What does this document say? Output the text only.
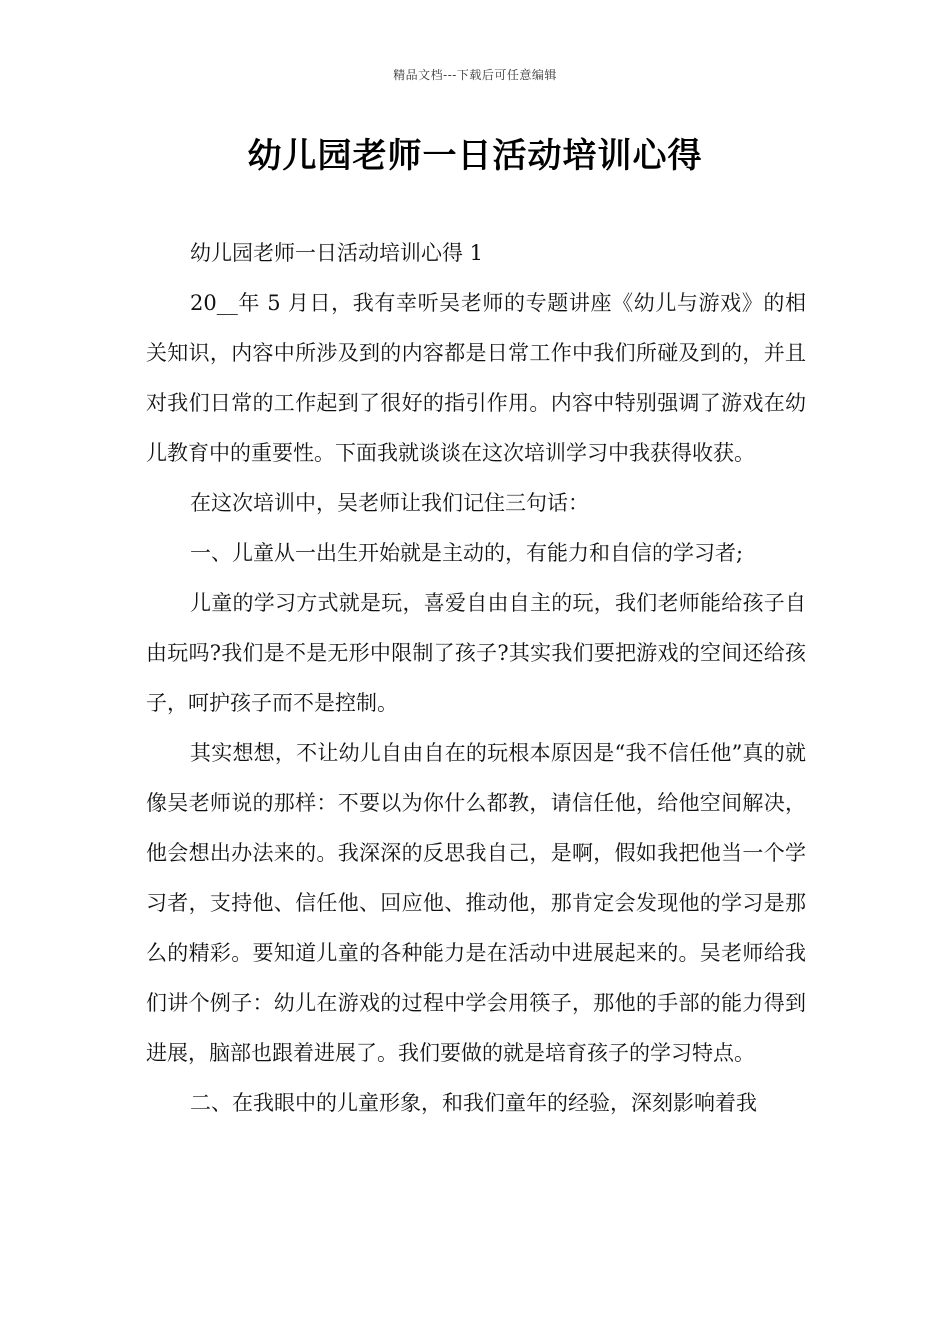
精品文档---下载后可任意编辑
幼儿园老师一日活动培训心得

幼儿园老师一日活动培训心得 1

20__年 5 月日，我有幸听吴老师的专题讲座《幼儿与游戏》的相关知识，内容中所涉及到的内容都是日常工作中我们所碰及到的，并且对我们日常的工作起到了很好的指引作用。内容中特别强调了游戏在幼儿教育中的重要性。下面我就谈谈在这次培训学习中我获得收获。

在这次培训中，吴老师让我们记住三句话：

一、儿童从一出生开始就是主动的，有能力和自信的学习者;

儿童的学习方式就是玩，喜爱自由自主的玩，我们老师能给孩子自由玩吗?我们是不是无形中限制了孩子?其实我们要把游戏的空间还给孩子，呵护孩子而不是控制。

其实想想，不让幼儿自由自在的玩根本原因是“我不信任他”真的就像吴老师说的那样：不要以为你什么都教，请信任他，给他空间解决，他会想出办法来的。我深深的反思我自己，是啊，假如我把他当一个学习者，支持他、信任他、回应他、推动他，那肯定会发现他的学习是那么的精彩。要知道儿童的各种能力是在活动中进展起来的。吴老师给我们讲个例子：幼儿在游戏的过程中学会用筷子，那他的手部的能力得到进展，脑部也跟着进展了。我们要做的就是培育孩子的学习特点。

二、在我眼中的儿童形象，和我们童年的经验，深刻影响着我
